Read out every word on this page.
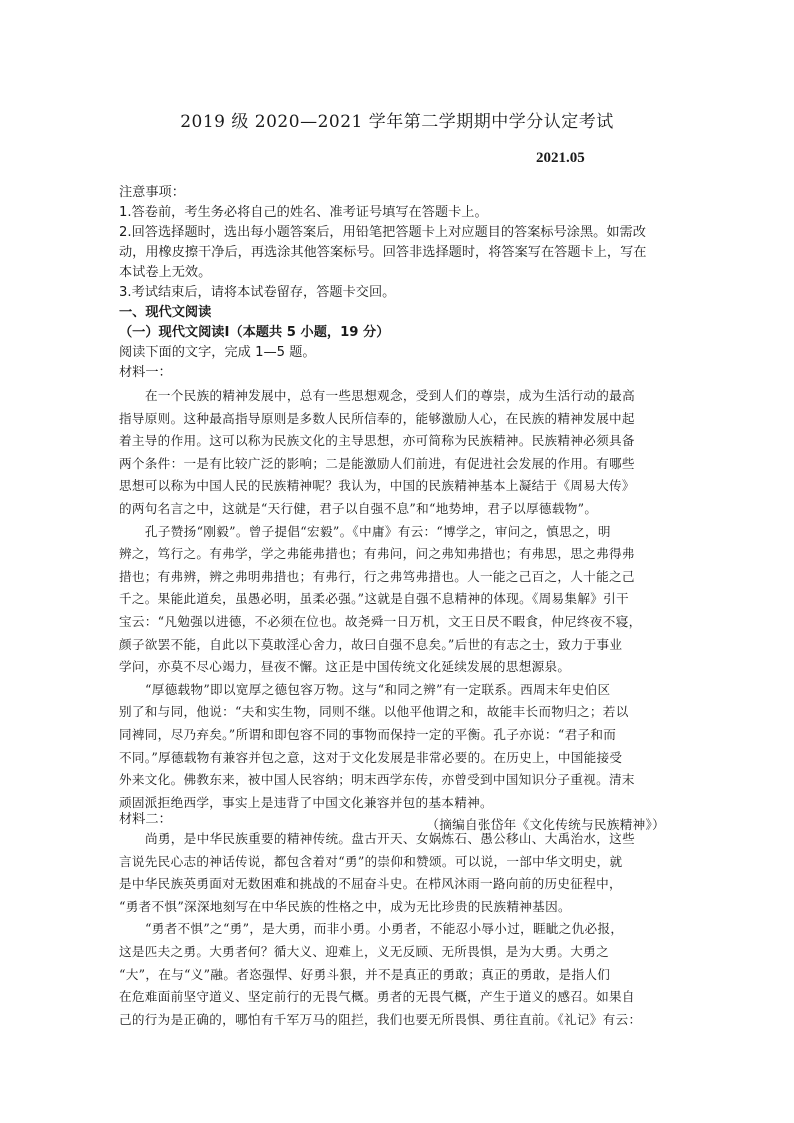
2019 级 2020—2021 学年第二学期期中学分认定考试
2021.05
注意事项：
1.答卷前，考生务必将自己的姓名、准考证号填写在答题卡上。
2.回答选择题时，选出每小题答案后，用铅笔把答题卡上对应题目的答案标号涂黑。如需改
动，用橡皮擦干净后，再选涂其他答案标号。回答非选择题时，将答案写在答题卡上，写在
本试卷上无效。
3.考试结束后，请将本试卷留存，答题卡交回。
一、现代文阅读
（一）现代文阅读Ⅰ（本题共 5 小题，19 分）
阅读下面的文字，完成 1—5 题。
材料一：
在一个民族的精神发展中，总有一些思想观念，受到人们的尊崇，成为生活行动的最高
指导原则。这种最高指导原则是多数人民所信奉的，能够激励人心，在民族的精神发展中起
着主导的作用。这可以称为民族文化的主导思想，亦可简称为民族精神。民族精神必须具备
两个条件：一是有比较广泛的影响；二是能激励人们前进，有促进社会发展的作用。有哪些
思想可以称为中国人民的民族精神呢？我认为，中国的民族精神基本上凝结于《周易大传》
的两句名言之中，这就是“天行健，君子以自强不息”和“地势坤，君子以厚德载物”。
孔子赞扬“刚毅”。曾子提倡“宏毅”。《中庸》有云：“博学之，审问之，慎思之，明
辨之，笃行之。有弗学，学之弗能弗措也；有弗问，问之弗知弗措也；有弗思，思之弗得弗
措也；有弗辨，辨之弗明弗措也；有弗行，行之弗笃弗措也。人一能之己百之，人十能之己
千之。果能此道矣，虽愚必明，虽柔必强。”这就是自强不息精神的体现。《周易集解》引干
宝云：“凡勉强以进德，不必须在位也。故尧舜一日万机，文王日昃不暇食，仲尼终夜不寝，
颜子欲罢不能，自此以下莫敢淫心舍力，故曰自强不息矣。”后世的有志之士，致力于事业
学问，亦莫不尽心竭力，昼夜不懈。这正是中国传统文化延续发展的思想源泉。
“厚德载物”即以宽厚之德包容万物。这与“和同之辨”有一定联系。西周末年史伯区
别了和与同，他说：“夫和实生物，同则不继。以他平他谓之和，故能丰长而物归之；若以
同裨同，尽乃弃矣。”所谓和即包容不同的事物而保持一定的平衡。孔子亦说：“君子和而
不同。”厚德载物有兼容并包之意，这对于文化发展是非常必要的。在历史上，中国能接受
外来文化。佛教东来，被中国人民容纳；明末西学东传，亦曾受到中国知识分子重视。清末
顽固派拒绝西学，事实上是违背了中国文化兼容并包的基本精神。
（摘编自张岱年《文化传统与民族精神》）
材料二：
尚勇，是中华民族重要的精神传统。盘古开天、女娲炼石、愚公移山、大禹治水，这些
言说先民心志的神话传说，都包含着对“勇”的崇仰和赞颂。可以说，一部中华文明史，就
是中华民族英勇面对无数困难和挑战的不屈奋斗史。在栉风沐雨一路向前的历史征程中，
“勇者不惧”深深地刻写在中华民族的性格之中，成为无比珍贵的民族精神基因。
“勇者不惧”之“勇”，是大勇，而非小勇。小勇者，不能忍小辱小过，睚眦之仇必报，
这是匹夫之勇。大勇者何？循大义、迎难上，义无反顾、无所畏惧，是为大勇。大勇之
“大”，在与“义”融。者恣强悍、好勇斗狠，并不是真正的勇敢；真正的勇敢，是指人们
在危难面前坚守道义、坚定前行的无畏气概。勇者的无畏气概，产生于道义的感召。如果自
己的行为是正确的，哪怕有千军万马的阻拦，我们也要无所畏惧、勇往直前。《礼记》有云：
